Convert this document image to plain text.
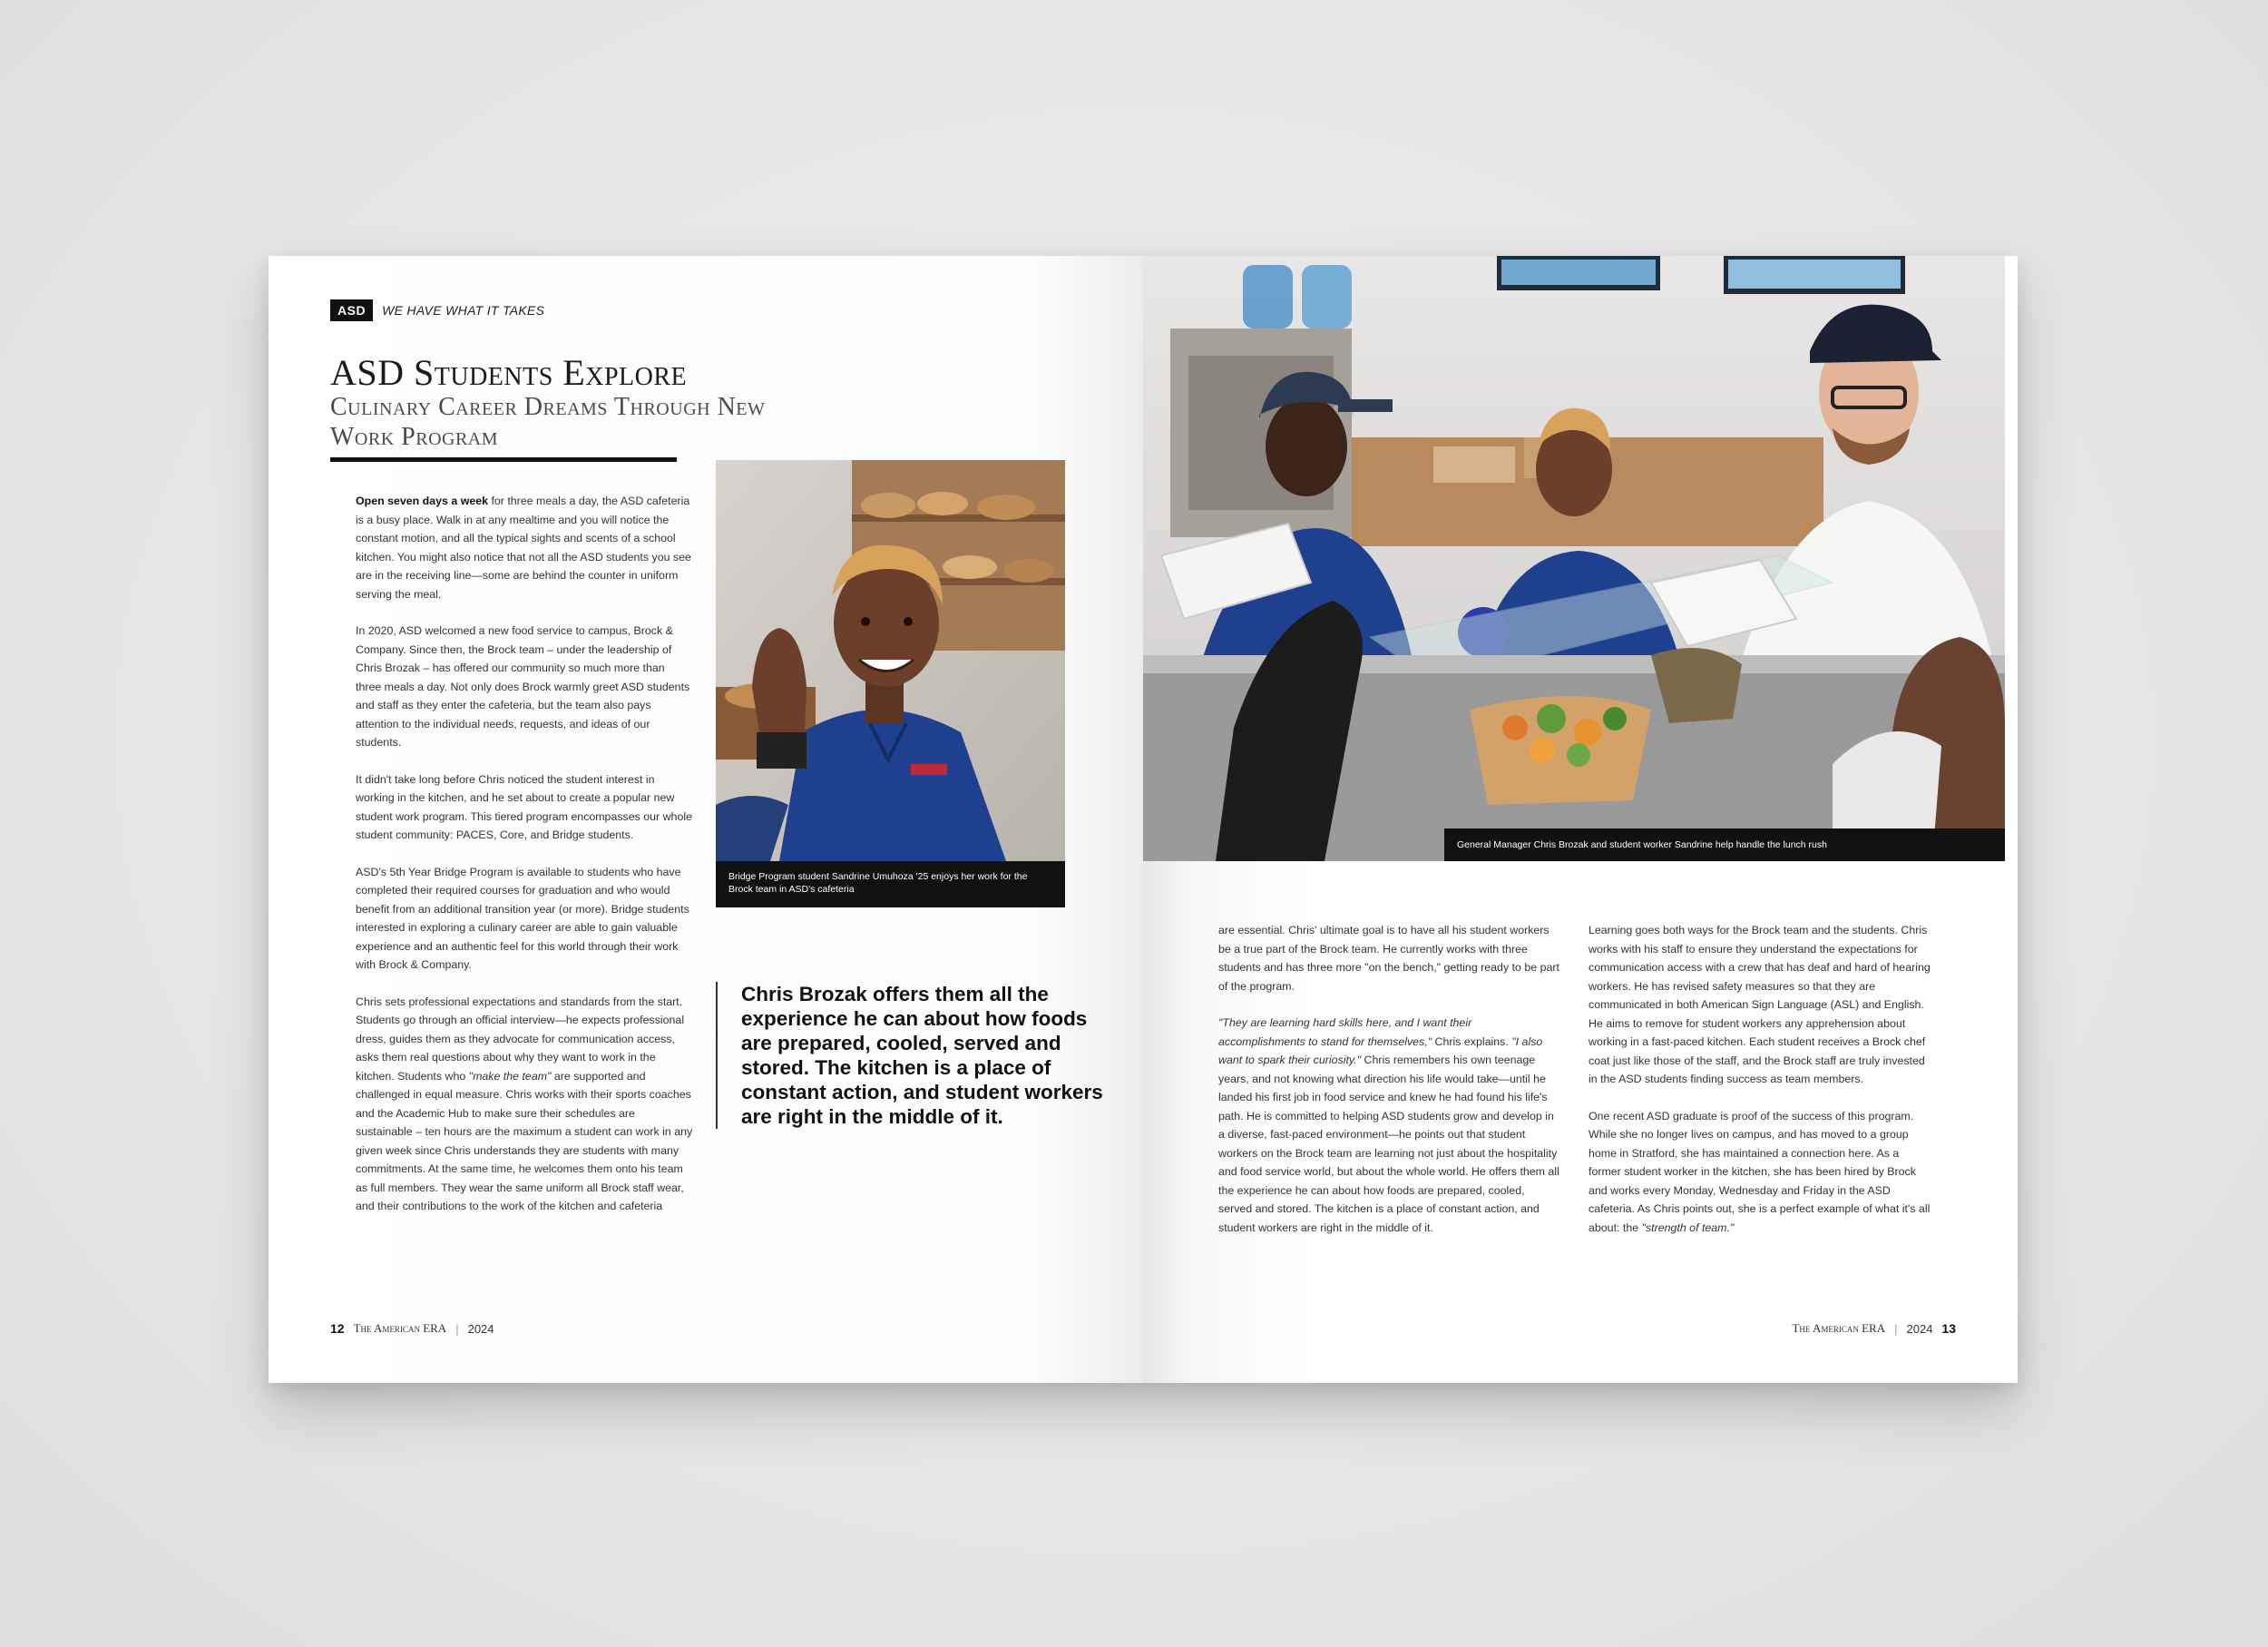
ASD	WE HAVE WHAT IT TAKES
ASD Students Explore
Culinary Career Dreams Through New
Work Program

Open seven days a week for three meals a day, the ASD cafeteria is a busy place. Walk in at any mealtime and you will notice the constant motion, and all the typical sights and scents of a school kitchen. You might also notice that not all the ASD students you see are in the receiving line—some are behind the counter in uniform serving the meal.

In 2020, ASD welcomed a new food service to campus, Brock & Company. Since then, the Brock team – under the leadership of Chris Brozak – has offered our community so much more than three meals a day. Not only does Brock warmly greet ASD students and staff as they enter the cafeteria, but the team also pays attention to the individual needs, requests, and ideas of our students.

It didn't take long before Chris noticed the student interest in working in the kitchen, and he set about to create a popular new student work program. This tiered program encompasses our whole student community: PACES, Core, and Bridge students.

ASD's 5th Year Bridge Program is available to students who have completed their required courses for graduation and who would benefit from an additional transition year (or more). Bridge students interested in exploring a culinary career are able to gain valuable experience and an authentic feel for this world through their work with Brock & Company.

Chris sets professional expectations and standards from the start. Students go through an official interview—he expects professional dress, guides them as they advocate for communication access, asks them real questions about why they want to work in the kitchen. Students who "make the team" are supported and challenged in equal measure. Chris works with their sports coaches and the Academic Hub to make sure their schedules are sustainable – ten hours are the maximum a student can work in any given week since Chris understands they are students with many commitments. At the same time, he welcomes them onto his team as full members. They wear the same uniform all Brock staff wear, and their contributions to the work of the kitchen and cafeteria

Bridge Program student Sandrine Umuhoza '25 enjoys her work for the Brock team in ASD's cafeteria
Chris Brozak offers them all the experience he can about how foods are prepared, cooled, served and stored. The kitchen is a place of constant action, and student workers are right in the middle of it.
12 The American ERA | 2024
General Manager Chris Brozak and student worker Sandrine help handle the lunch rush

are essential. Chris' ultimate goal is to have all his student workers be a true part of the Brock team. He currently works with three students and has three more "on the bench," getting ready to be part of the program.

"They are learning hard skills here, and I want their accomplishments to stand for themselves," Chris explains. "I also want to spark their curiosity." Chris remembers his own teenage years, and not knowing what direction his life would take—until he landed his first job in food service and knew he had found his life's path. He is committed to helping ASD students grow and develop in a diverse, fast-paced environment—he points out that student workers on the Brock team are learning not just about the hospitality and food service world, but about the whole world. He offers them all the experience he can about how foods are prepared, cooled, served and stored. The kitchen is a place of constant action, and student workers are right in the middle of it.

Learning goes both ways for the Brock team and the students. Chris works with his staff to ensure they understand the expectations for communication access with a crew that has deaf and hard of hearing workers. He has revised safety measures so that they are communicated in both American Sign Language (ASL) and English. He aims to remove for student workers any apprehension about working in a fast-paced kitchen. Each student receives a Brock chef coat just like those of the staff, and the Brock staff are truly invested in the ASD students finding success as team members.

One recent ASD graduate is proof of the success of this program. While she no longer lives on campus, and has moved to a group home in Stratford, she has maintained a connection here. As a former student worker in the kitchen, she has been hired by Brock and works every Monday, Wednesday and Friday in the ASD cafeteria. As Chris points out, she is a perfect example of what it's all about: the "strength of team."

The American ERA | 2024 13
